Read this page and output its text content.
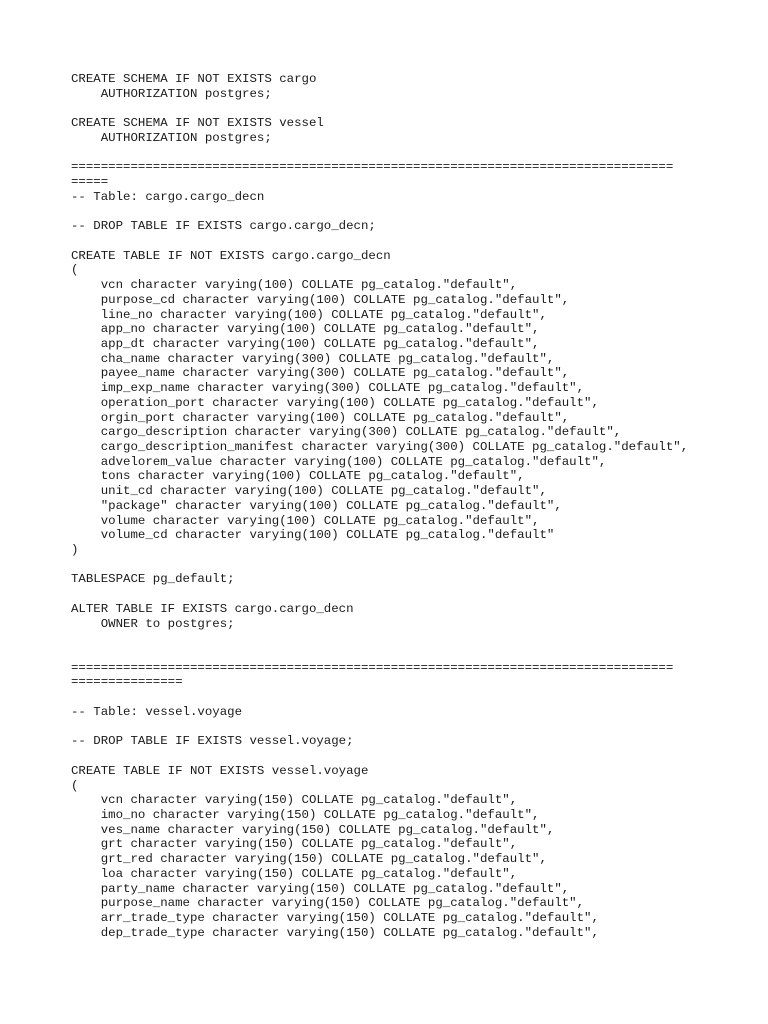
CREATE SCHEMA IF NOT EXISTS cargo
AUTHORIZATION postgres;
CREATE SCHEMA IF NOT EXISTS vessel
AUTHORIZATION postgres;
=================================================================================
=====
-- Table: cargo.cargo_decn
-- DROP TABLE IF EXISTS cargo.cargo_decn;
CREATE TABLE IF NOT EXISTS cargo.cargo_decn
(
vcn character varying(100) COLLATE pg_catalog."default",
purpose_cd character varying(100) COLLATE pg_catalog."default",
line_no character varying(100) COLLATE pg_catalog."default",
app_no character varying(100) COLLATE pg_catalog."default",
app_dt character varying(100) COLLATE pg_catalog."default",
cha_name character varying(300) COLLATE pg_catalog."default",
payee_name character varying(300) COLLATE pg_catalog."default",
imp_exp_name character varying(300) COLLATE pg_catalog."default",
operation_port character varying(100) COLLATE pg_catalog."default",
orgin_port character varying(100) COLLATE pg_catalog."default",
cargo_description character varying(300) COLLATE pg_catalog."default",
cargo_description_manifest character varying(300) COLLATE pg_catalog."default",
advelorem_value character varying(100) COLLATE pg_catalog."default",
tons character varying(100) COLLATE pg_catalog."default",
unit_cd character varying(100) COLLATE pg_catalog."default",
"package" character varying(100) COLLATE pg_catalog."default",
volume character varying(100) COLLATE pg_catalog."default",
volume_cd character varying(100) COLLATE pg_catalog."default"
)
TABLESPACE pg_default;
ALTER TABLE IF EXISTS cargo.cargo_decn
OWNER to postgres;
=================================================================================
===============
-- Table: vessel.voyage
-- DROP TABLE IF EXISTS vessel.voyage;
CREATE TABLE IF NOT EXISTS vessel.voyage
(
vcn character varying(150) COLLATE pg_catalog."default",
imo_no character varying(150) COLLATE pg_catalog."default",
ves_name character varying(150) COLLATE pg_catalog."default",
grt character varying(150) COLLATE pg_catalog."default",
grt_red character varying(150) COLLATE pg_catalog."default",
loa character varying(150) COLLATE pg_catalog."default",
party_name character varying(150) COLLATE pg_catalog."default",
purpose_name character varying(150) COLLATE pg_catalog."default",
arr_trade_type character varying(150) COLLATE pg_catalog."default",
dep_trade_type character varying(150) COLLATE pg_catalog."default",
